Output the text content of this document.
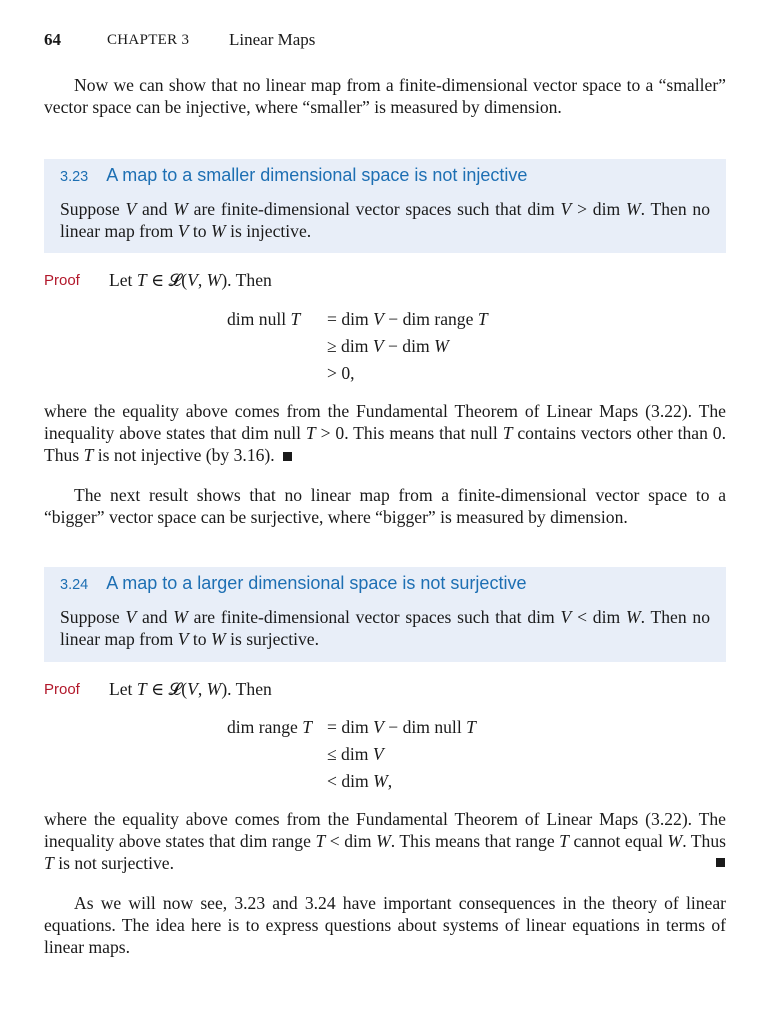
64	CHAPTER 3 Linear Maps

Now we can show that no linear map from a finite-dimensional vector space to a “smaller” vector space can be injective, where “smaller” is measured by dimension.

3.23 A map to a smaller dimensional space is not injective
Suppose V and W are finite-dimensional vector spaces such that dim V > dim W. Then no linear map from V to W is injective.
Proof Let T ∈ 𝓛(V, W). Then
dim null T = dim V − dim range T
≥ dim V − dim W
> 0,
where the equality above comes from the Fundamental Theorem of Linear Maps (3.22). The inequality above states that dim null T > 0. This means that null T contains vectors other than 0. Thus T is not injective (by 3.16).

The next result shows that no linear map from a finite-dimensional vector space to a “bigger” vector space can be surjective, where “bigger” is measured by dimension.

3.24 A map to a larger dimensional space is not surjective
Suppose V and W are finite-dimensional vector spaces such that dim V < dim W. Then no linear map from V to W is surjective.
Proof Let T ∈ 𝓛(V, W). Then
dim range T = dim V − dim null T
≤ dim V
< dim W,
where the equality above comes from the Fundamental Theorem of Linear Maps (3.22). The inequality above states that dim range T < dim W. This means that range T cannot equal W. Thus T is not surjective.

As we will now see, 3.23 and 3.24 have important consequences in the theory of linear equations. The idea here is to express questions about systems of linear equations in terms of linear maps.
